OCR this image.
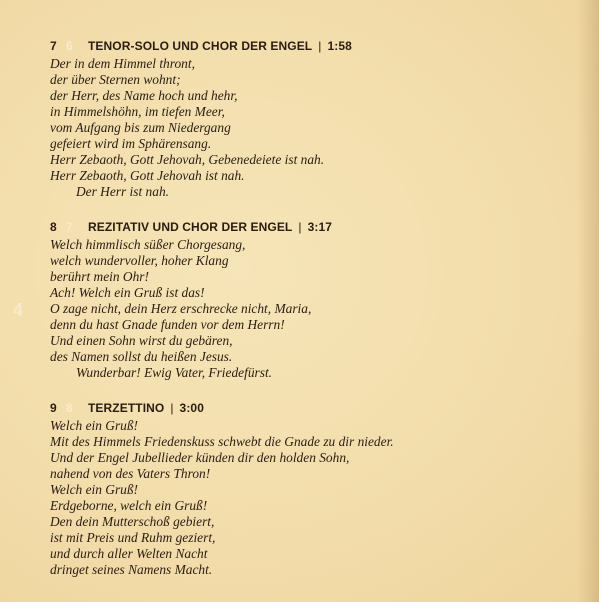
4
7 6	TENOR-SOLO UND CHOR DER ENGEL | 1:58
Der in dem Himmel thront,
der über Sternen wohnt;
der Herr, des Name hoch und hehr,
in Himmelshöhn, im tiefen Meer,
vom Aufgang bis zum Niedergang
gefeiert wird im Sphärensang.
Herr Zebaoth, Gott Jehovah, Gebenedeiete ist nah.
Herr Zebaoth, Gott Jehovah ist nah.
Der Herr ist nah.
8 7	REZITATIV UND CHOR DER ENGEL | 3:17
Welch himmlisch süßer Chorgesang,
welch wundervoller, hoher Klang
berührt mein Ohr!
Ach! Welch ein Gruß ist das!
O zage nicht, dein Herz erschrecke nicht, Maria,
denn du hast Gnade funden vor dem Herrn!
Und einen Sohn wirst du gebären,
des Namen sollst du heißen Jesus.
Wunderbar! Ewig Vater, Friedefürst.
9 8	TERZETTINO | 3:00
Welch ein Gruß!
Mit des Himmels Friedenskuss schwebt die Gnade zu dir nieder.
Und der Engel Jubellieder künden dir den holden Sohn,
nahend von des Vaters Thron!
Welch ein Gruß!
Erdgeborne, welch ein Gruß!
Den dein Mutterschoß gebiert,
ist mit Preis und Ruhm geziert,
und durch aller Welten Nacht
dringet seines Namens Macht.
